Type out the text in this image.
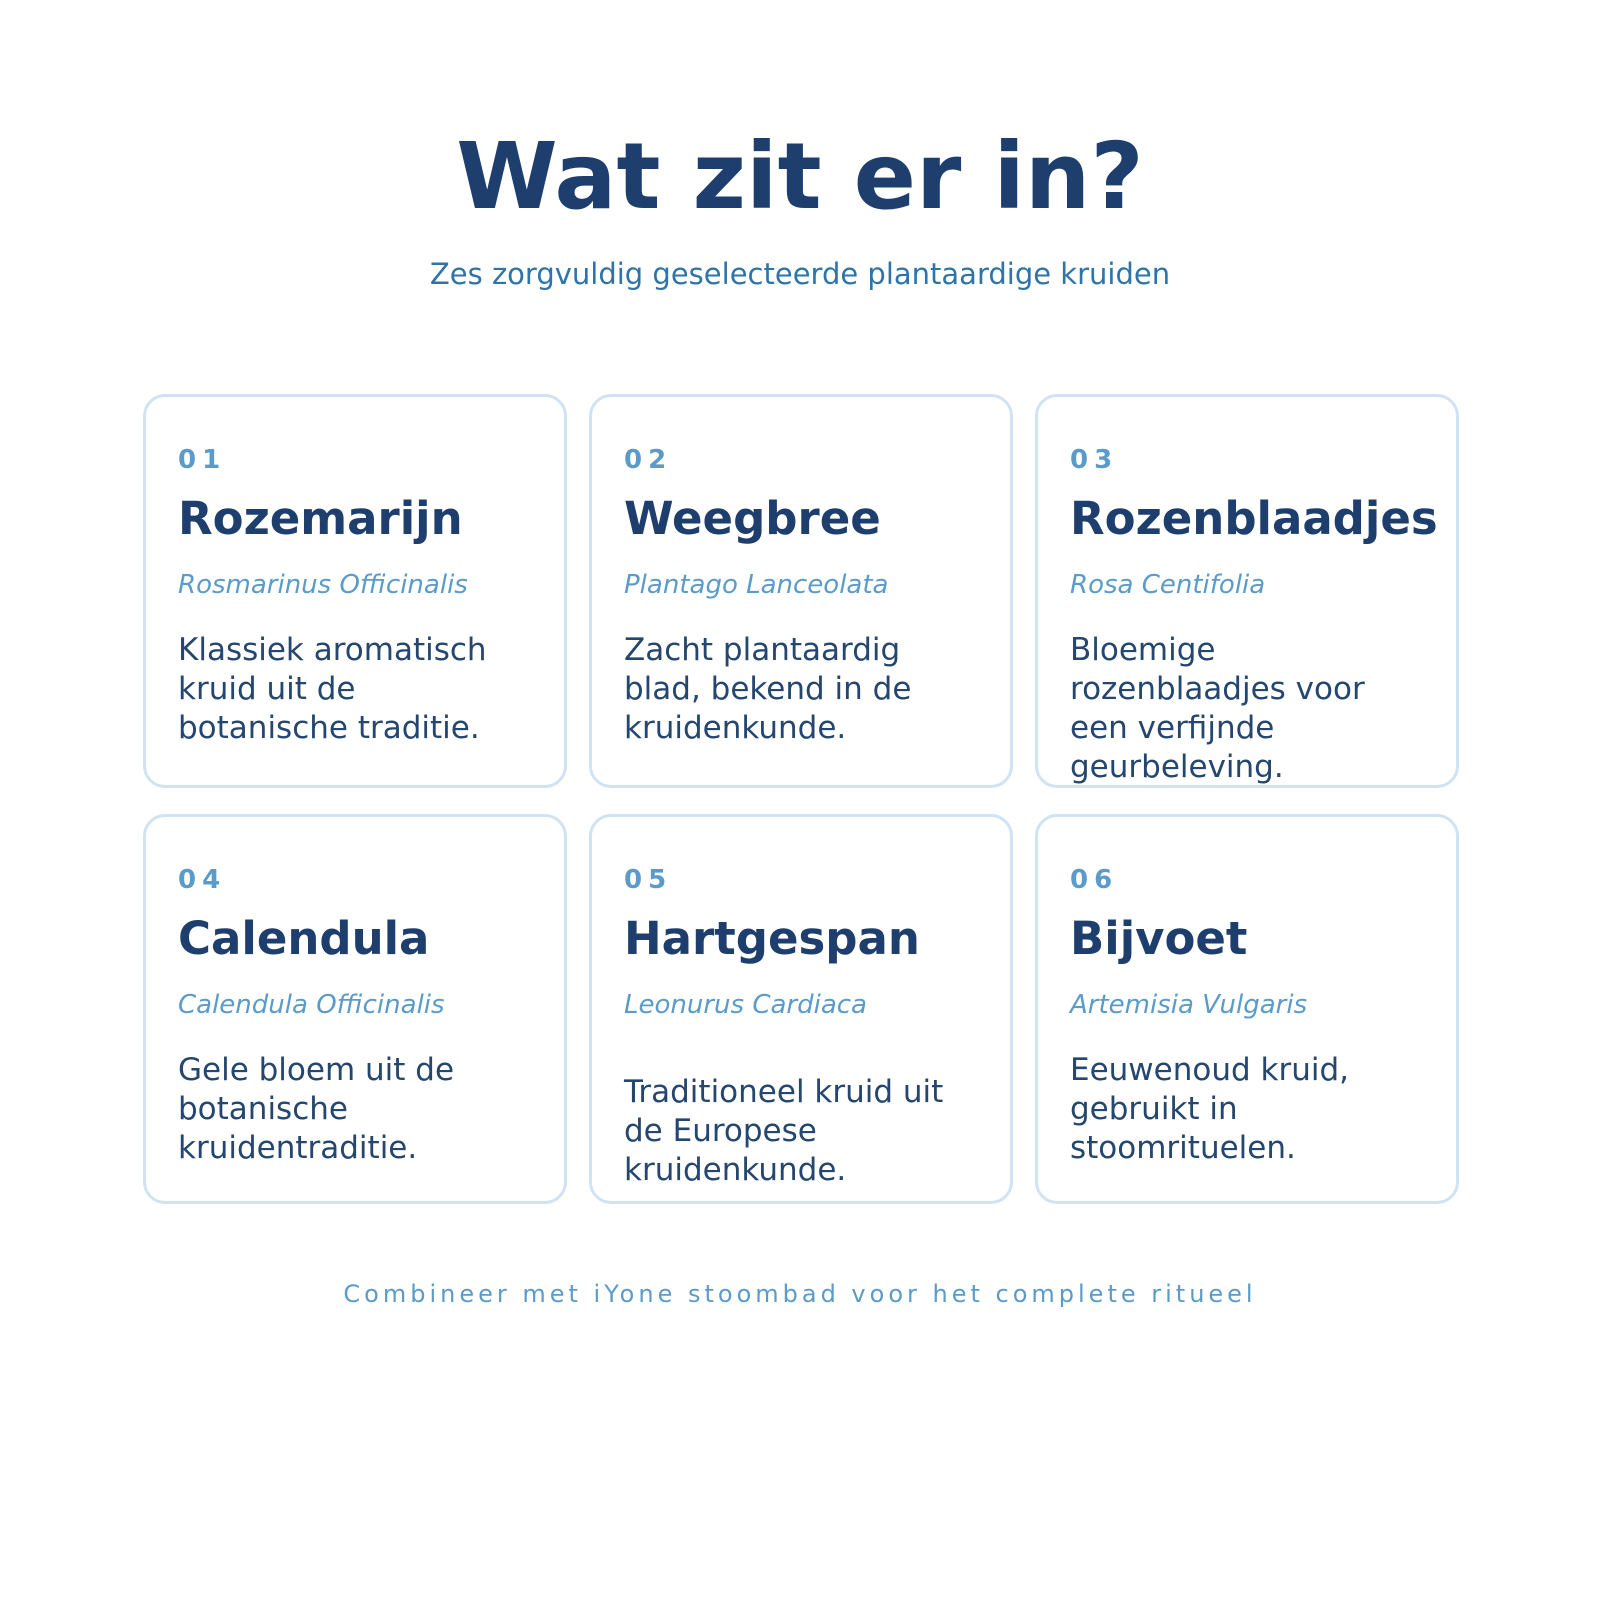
Wat zit er in?

Zes zorgvuldig geselecteerde plantaardige kruiden

01
Rozemarijn
Rosmarinus Officinalis
Klassiek aromatisch kruid uit de botanische traditie.
02
Weegbree
Plantago Lanceolata
Zacht plantaardig blad, bekend in de kruidenkunde.
03
Rozenblaadjes
Rosa Centifolia
Bloemige rozenblaadjes voor een verfijnde geurbeleving.
04
Calendula
Calendula Officinalis
Gele bloem uit de botanische kruidentraditie.
05
Hartgespan
Leonurus Cardiaca
Traditioneel kruid uit de Europese kruidenkunde.
06
Bijvoet
Artemisia Vulgaris
Eeuwenoud kruid, gebruikt in stoomrituelen.

Combineer met iYone stoombad voor het complete ritueel
